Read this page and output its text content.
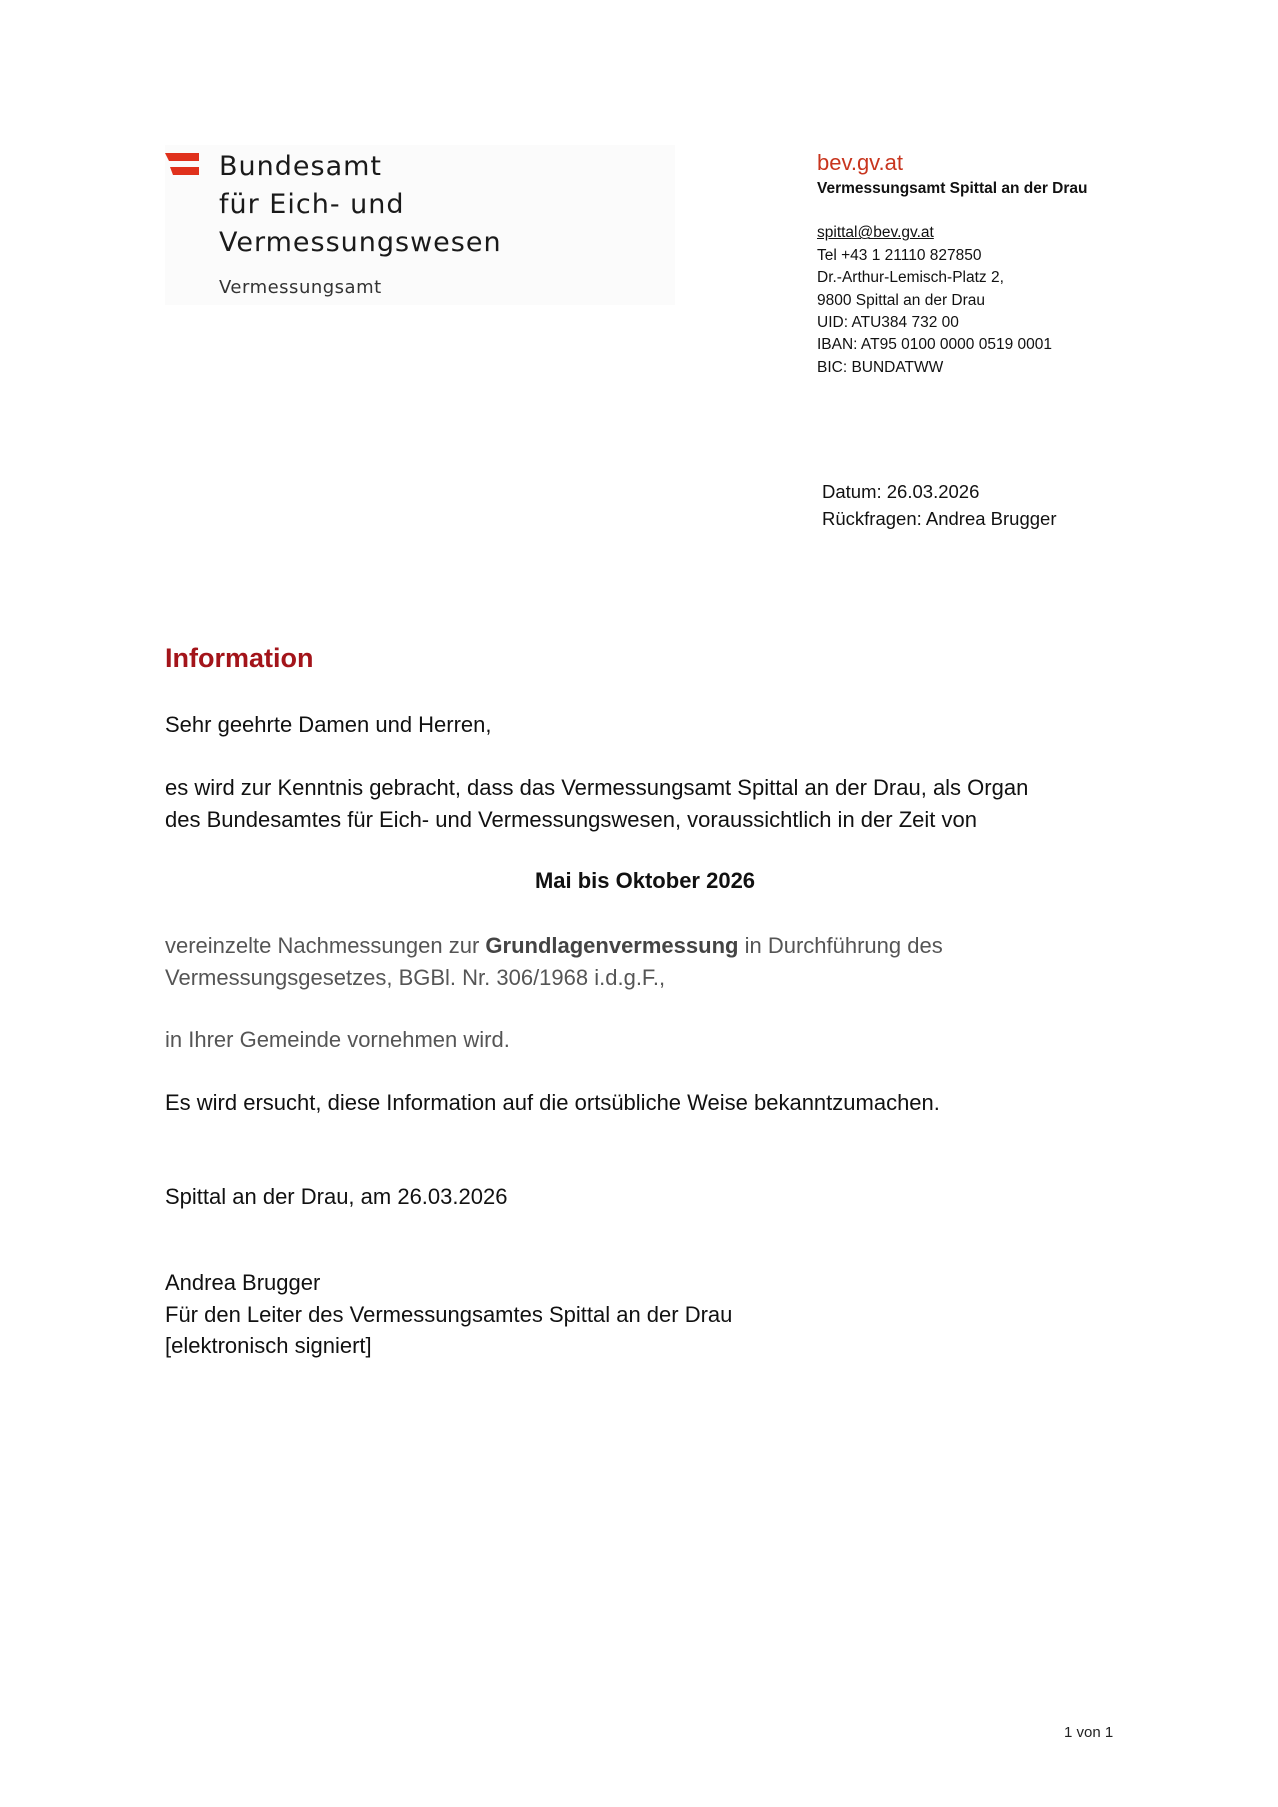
Bundesamt
für Eich- und
Vermessungswesen
Vermessungsamt
bev.gv.at
Vermessungsamt Spittal an der Drau
spittal@bev.gv.at
Tel +43 1 21110 827850
Dr.-Arthur-Lemisch-Platz 2,
9800 Spittal an der Drau
UID: ATU384 732 00
IBAN: AT95 0100 0000 0519 0001
BIC: BUNDATWW
Datum: 26.03.2026
Rückfragen: Andrea Brugger
Information
Sehr geehrte Damen und Herren,
es wird zur Kenntnis gebracht, dass das Vermessungsamt Spittal an der Drau, als Organ
des Bundesamtes für Eich- und Vermessungswesen, voraussichtlich in der Zeit von
Mai bis Oktober 2026
vereinzelte Nachmessungen zur Grundlagenvermessung in Durchführung des
Vermessungsgesetzes, BGBl. Nr. 306/1968 i.d.g.F.,
in Ihrer Gemeinde vornehmen wird.
Es wird ersucht, diese Information auf die ortsübliche Weise bekanntzumachen.
Spittal an der Drau, am 26.03.2026
Andrea Brugger
Für den Leiter des Vermessungsamtes Spittal an der Drau
[elektronisch signiert]
1 von 1
